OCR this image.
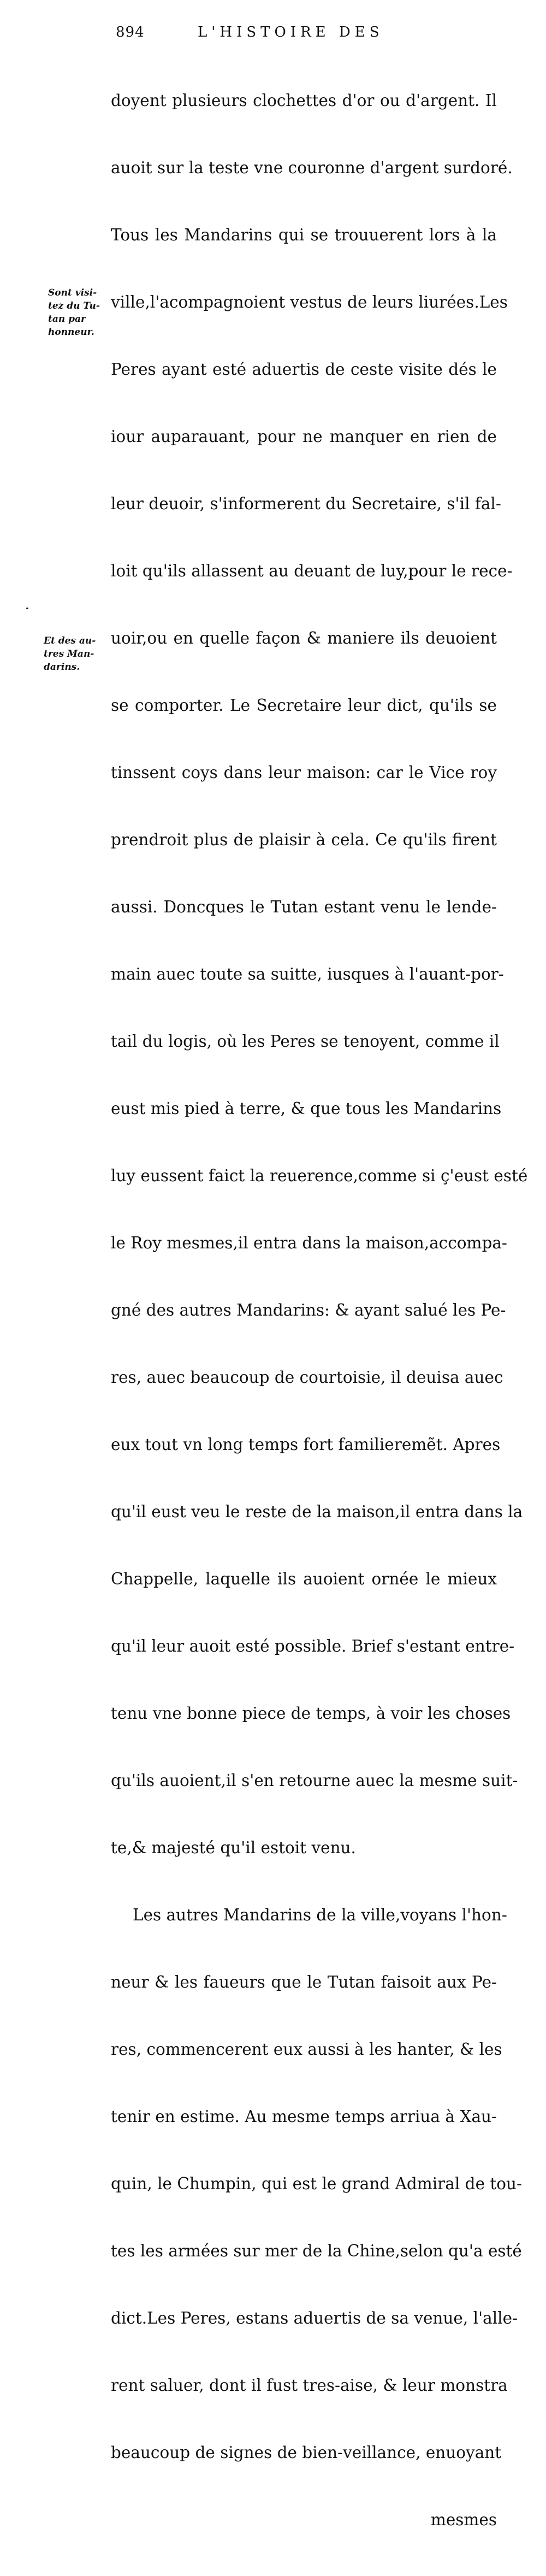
894	L'HISTOIRE DES

doyent plusieurs clochettes d'or ou d'argent. Il

auoit sur la teste vne couronne d'argent surdoré.

Tous les Mandarins qui se trouuerent lors à la

ville,l'acompagnoient vestus de leurs liurées.Les

Peres ayant esté aduertis de ceste visite dés le

iour auparauant, pour ne manquer en rien de

leur deuoir, s'informerent du Secretaire, s'il fal-

loit qu'ils allassent au deuant de luy,pour le rece-

uoir,ou en quelle façon & maniere ils deuoient

se comporter. Le Secretaire leur dict, qu'ils se

tinssent coys dans leur maison: car le Vice roy

prendroit plus de plaisir à cela. Ce qu'ils firent

aussi. Doncques le Tutan estant venu le lende-

main auec toute sa suitte, iusques à l'auant-por-

tail du logis, où les Peres se tenoyent, comme il

eust mis pied à terre, & que tous les Mandarins

luy eussent faict la reuerence,comme si ç'eust esté

le Roy mesmes,il entra dans la maison,accompa-

gné des autres Mandarins: & ayant salué les Pe-

res, auec beaucoup de courtoisie, il deuisa auec

eux tout vn long temps fort familieremẽt. Apres

qu'il eust veu le reste de la maison,il entra dans la

Chappelle, laquelle ils auoient ornée le mieux

qu'il leur auoit esté possible. Brief s'estant entre-

tenu vne bonne piece de temps, à voir les choses

qu'ils auoient,il s'en retourne auec la mesme suit-

te,& majesté qu'il estoit venu.

Les autres Mandarins de la ville,voyans l'hon-

neur & les faueurs que le Tutan faisoit aux Pe-

res, commencerent eux aussi à les hanter, & les

tenir en estime. Au mesme temps arriua à Xau-

quin, le Chumpin, qui est le grand Admiral de tou-

tes les armées sur mer de la Chine,selon qu'a esté

dict.Les Peres, estans aduertis de sa venue, l'alle-

rent saluer, dont il fust tres-aise, & leur monstra

beaucoup de signes de bien-veillance, enuoyant

mesmes

Sont visi-
tez du Tu-
tan par
honneur.
Et des au-
tres Man-
darins.
